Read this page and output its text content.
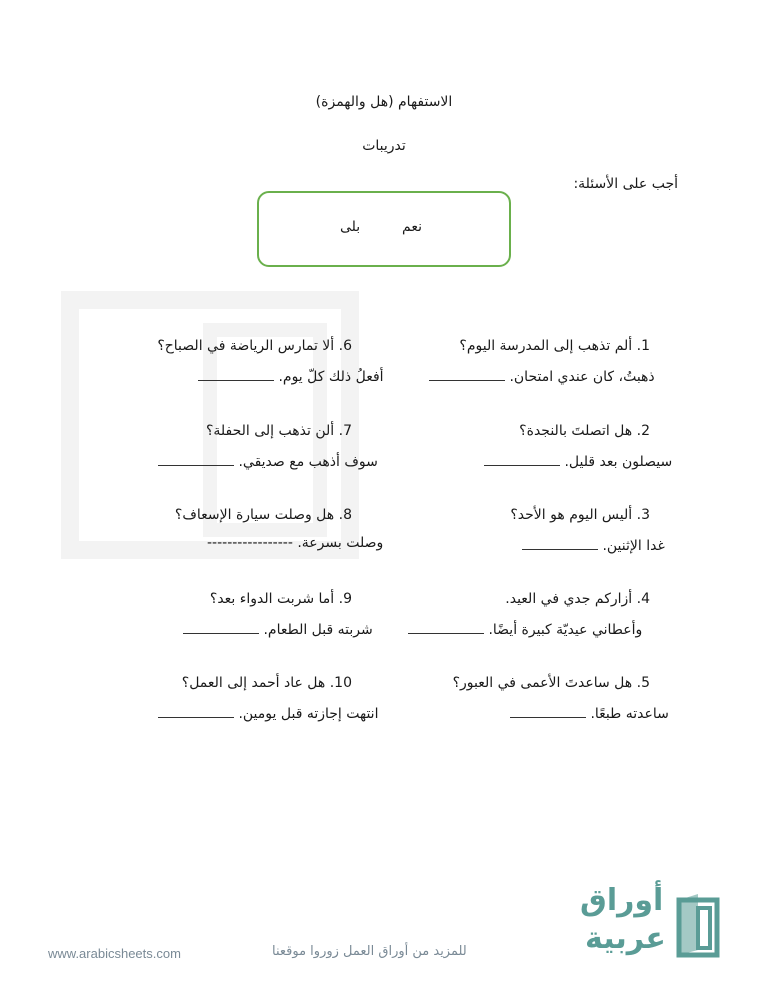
الاستفهام (هل والهمزة)
تدريبات
أجب على الأسئلة:
نعم
بلى
1. ألم تذهب إلى المدرسة اليوم؟
ذهبتُ، كان عندي امتحان.
2. هل اتصلتَ بالنجدة؟
سيصلون بعد قليل.
3. أليس اليوم هو الأحد؟
غدا الإثنين.
4. أزاركم جدي في العيد.
وأعطاني عيديّة كبيرة أيضًا.
5. هل ساعدتَ الأعمى في العبور؟
ساعدته طبعًا.
6. ألا تمارس الرياضة في الصباح؟
أفعلُ ذلك كلّ يوم.
7. ألن تذهب إلى الحفلة؟
سوف أذهب مع صديقي.
8. هل وصلت سيارة الإسعاف؟
وصلت بسرعة. -----------------
9. أما شربت الدواء بعد؟
شربته قبل الطعام.
10. هل عاد أحمد إلى العمل؟
انتهت إجازته قبل يومين.
www.arabicsheets.com	للمزيد من أوراق العمل زوروا موقعنا
أوراق
عربية
